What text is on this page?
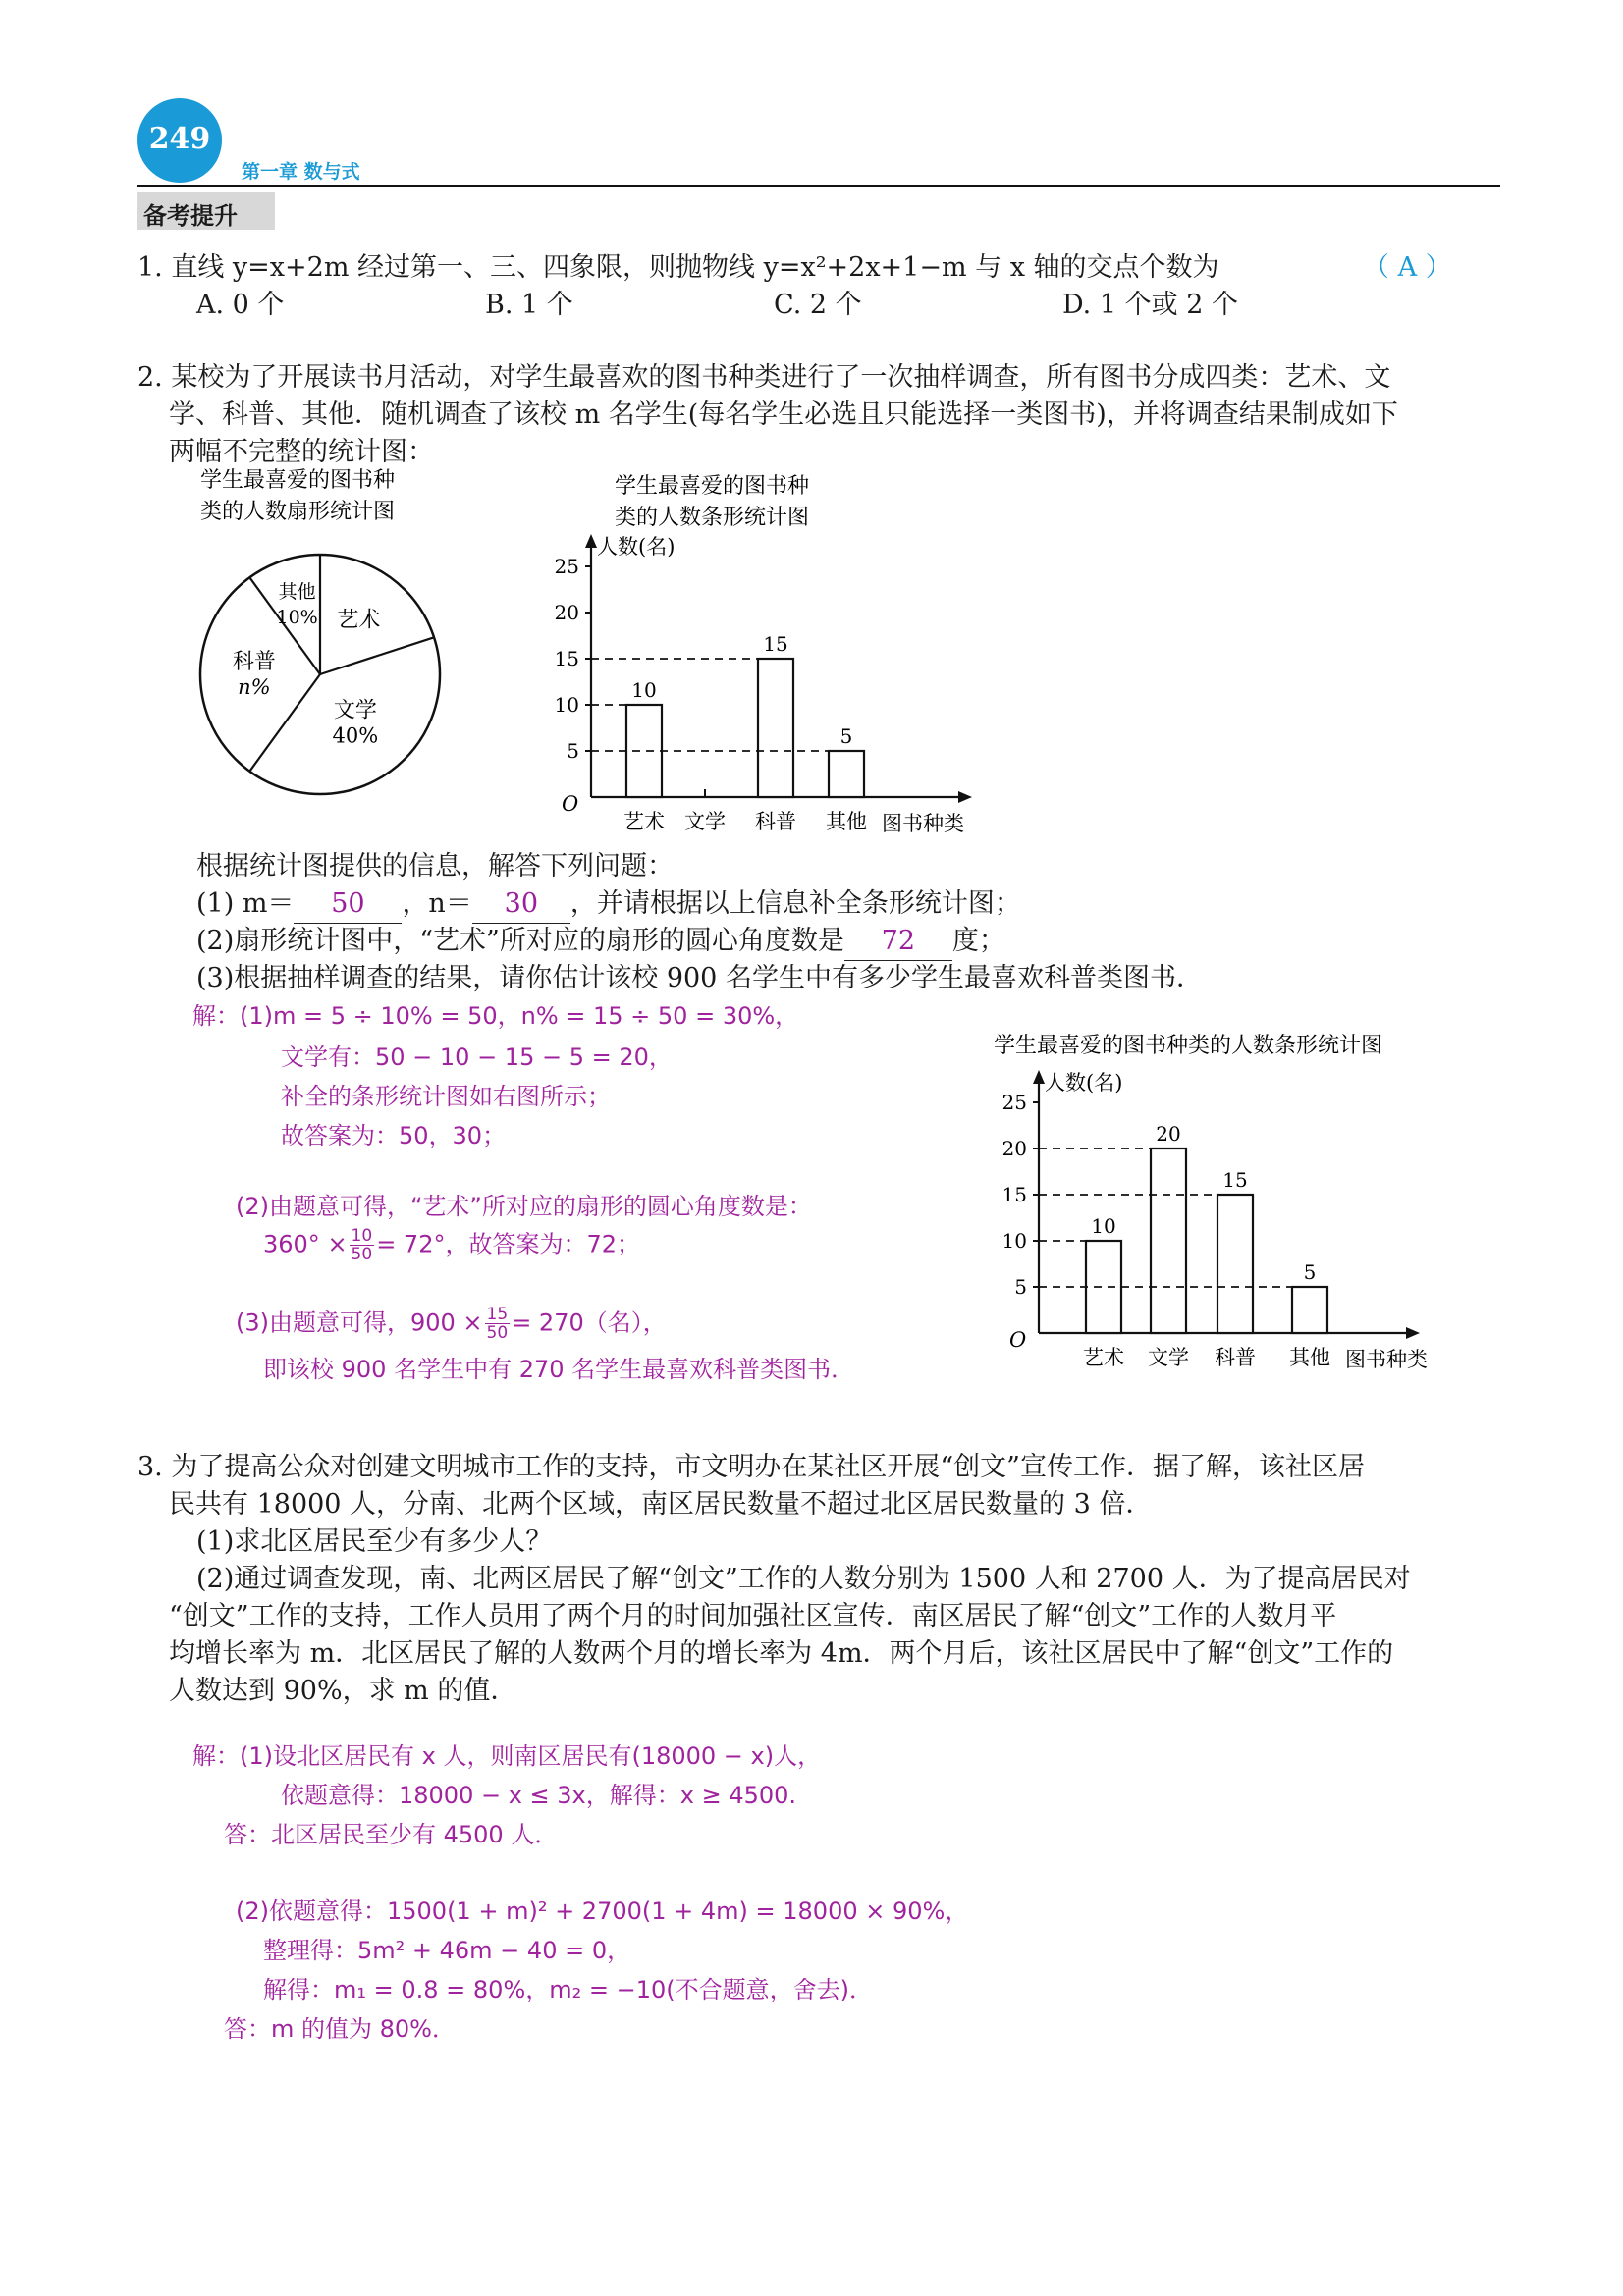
249
第一章 数与式
备考提升
1. 直线 y=x+2m 经过第一、三、四象限，则抛物线 y=x²+2x+1−m 与 x 轴的交点个数为	（ A ）
A. 0 个	B. 1 个	C. 2 个	D. 1 个或 2 个
2. 某校为了开展读书月活动，对学生最喜欢的图书种类进行了一次抽样调查，所有图书分成四类：艺术、文
学、科普、其他．随机调查了该校 m 名学生(每名学生必选且只能选择一类图书)，并将调查结果制成如下
两幅不完整的统计图：
学生最喜爱的图书种
类的人数扇形统计图
艺术
文学
40%
科普
n%
其他
10%
学生最喜爱的图书种
类的人数条形统计图
人数(名)
O
5
10
15
20
25
艺术
10
文学 科普
15
其他
5
图书种类
根据统计图提供的信息，解答下列问题：
(1) m＝ 50 ，n＝ 30 ，并请根据以上信息补全条形统计图；
(2)扇形统计图中，“艺术”所对应的扇形的圆心角度数是 72 度；
(3)根据抽样调查的结果，请你估计该校 900 名学生中有多少学生最喜欢科普类图书．
解：(1)m = 5 ÷ 10% = 50，n% = 15 ÷ 50 = 30%，
文学有：50 − 10 − 15 − 5 = 20，
补全的条形统计图如右图所示；
故答案为：50，30；
(2)由题意可得，“艺术”所对应的扇形的圆心角度数是：
$360^\circ \times \frac{10}{50} = 72^\circ$，故答案为：72；
(3)由题意可得，$900 \times \frac{15}{50} = 270$（名），
即该校 900 名学生中有 270 名学生最喜欢科普类图书．
学生最喜爱的图书种类的人数条形统计图
人数(名)
O
5
10
15
20
25
艺术
10
文学
20
科普
15
其他
5
图书种类
3. 为了提高公众对创建文明城市工作的支持，市文明办在某社区开展“创文”宣传工作．据了解，该社区居
民共有 18000 人，分南、北两个区域，南区居民数量不超过北区居民数量的 3 倍．
(1)求北区居民至少有多少人？
(2)通过调查发现，南、北两区居民了解“创文”工作的人数分别为 1500 人和 2700 人．为了提高居民对
“创文”工作的支持，工作人员用了两个月的时间加强社区宣传．南区居民了解“创文”工作的人数月平
均增长率为 m．北区居民了解的人数两个月的增长率为 4m．两个月后，该社区居民中了解“创文”工作的
人数达到 90%，求 m 的值．
解：(1)设北区居民有 x 人，则南区居民有(18000 − x)人，
依题意得：18000 − x ≤ 3x，解得：x ≥ 4500.
答：北区居民至少有 4500 人．
(2)依题意得：1500(1 + m)² + 2700(1 + 4m) = 18000 × 90%，
整理得：5m² + 46m − 40 = 0，
解得：m₁ = 0.8 = 80%，m₂ = −10(不合题意，舍去)．
答：m 的值为 80%．
